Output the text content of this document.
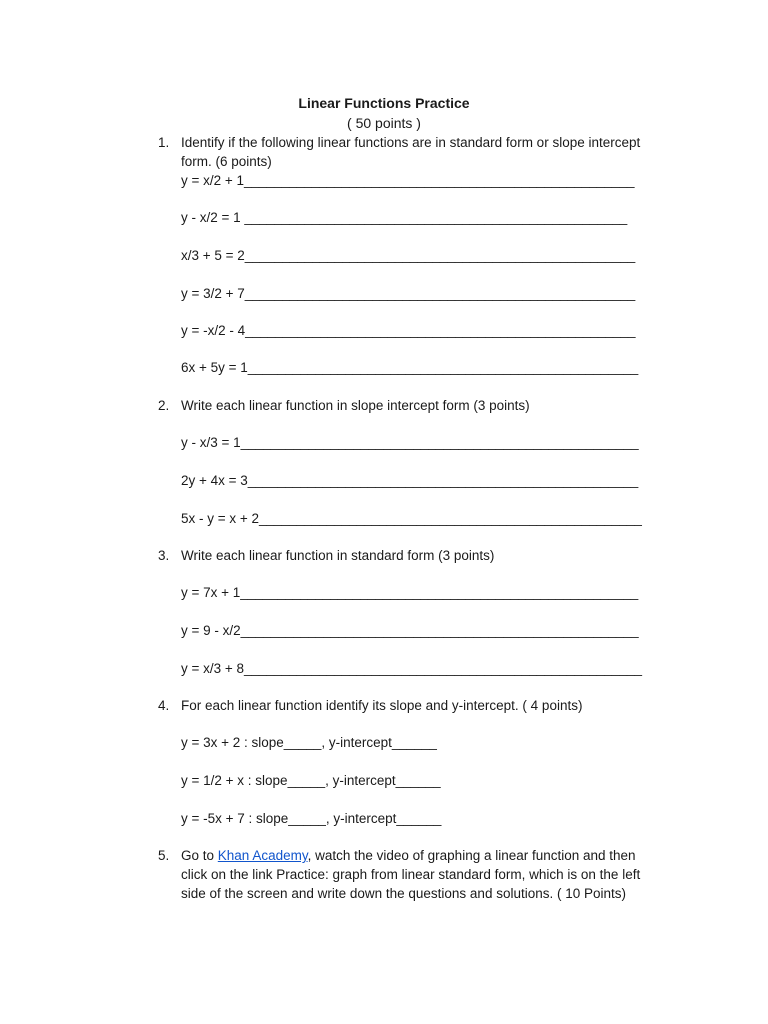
Linear Functions Practice
( 50 points )
1. Identify if the following linear functions are in standard form or slope intercept form. (6 points)
y = x/2 + 1____________________________________________________
y - x/2 = 1 ___________________________________________________
x/3 + 5 = 2____________________________________________________
y = 3/2 + 7____________________________________________________
y = -x/2 - 4____________________________________________________
6x + 5y = 1____________________________________________________
2. Write each linear function in slope intercept form (3 points)
y - x/3 = 1_____________________________________________________
2y + 4x = 3____________________________________________________
5x - y = x + 2___________________________________________________
3. Write each linear function in standard form (3 points)
y = 7x + 1_____________________________________________________
y = 9 - x/2_____________________________________________________
y = x/3 + 8_____________________________________________________
4. For each linear function identify its slope and y-intercept. ( 4 points)
y = 3x + 2 : slope_____, y-intercept______
y = 1/2 + x : slope_____, y-intercept______
y = -5x + 7 : slope_____, y-intercept______
5. Go to Khan Academy, watch the video of graphing a linear function and then click on the link Practice: graph from linear standard form, which is on the left side of the screen and write down the questions and solutions. ( 10 Points)
